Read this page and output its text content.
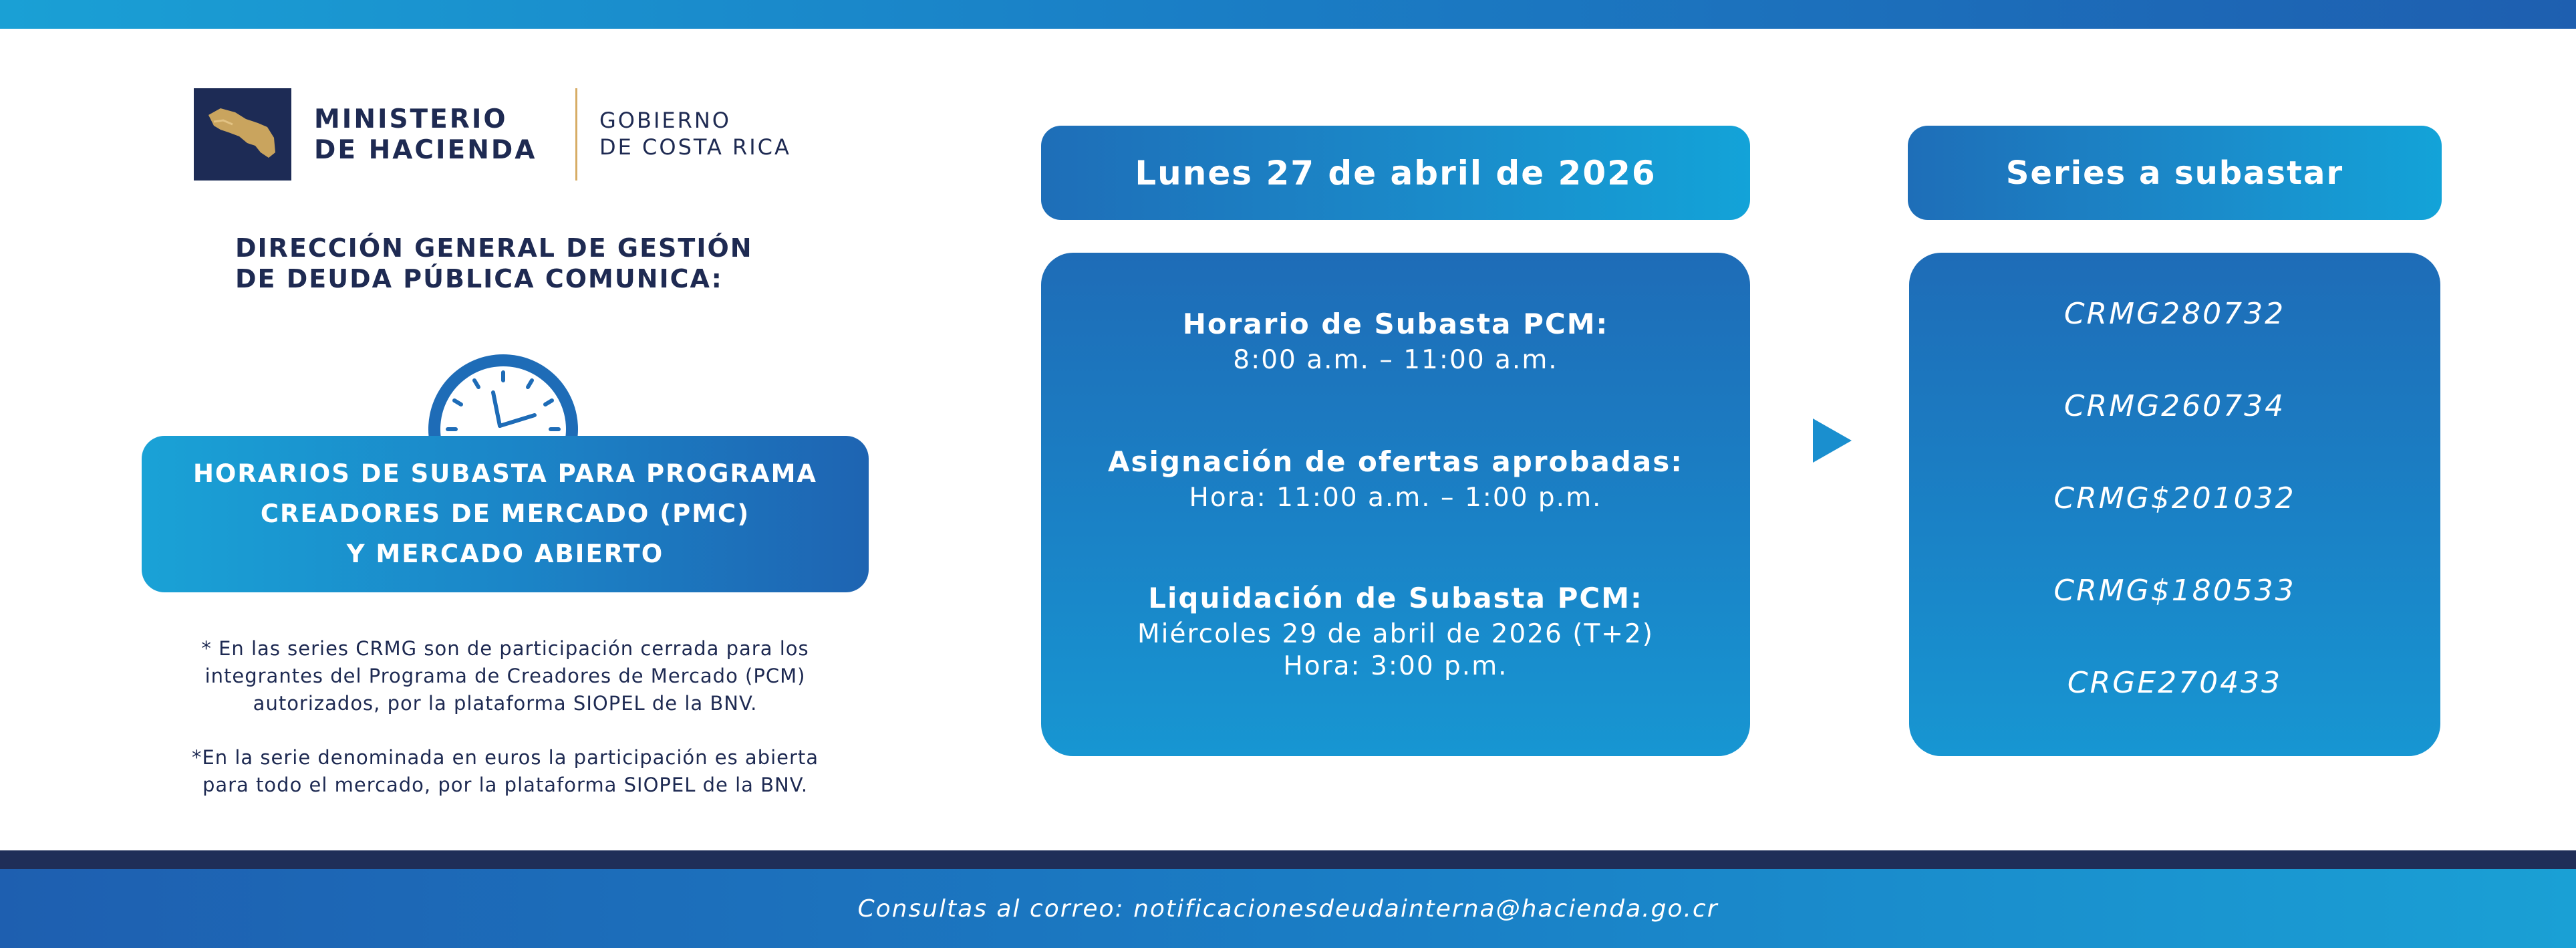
MINISTERIO
DE HACIENDA
GOBIERNO
DE COSTA RICA
DIRECCIÓN GENERAL DE GESTIÓN
DE DEUDA PÚBLICA COMUNICA:
HORARIOS DE SUBASTA PARA PROGRAMA
CREADORES DE MERCADO (PMC)
Y MERCADO ABIERTO

* En las series CRMG son de participación cerrada para los
integrantes del Programa de Creadores de Mercado (PCM)
autorizados, por la plataforma SIOPEL de la BNV.

*En la serie denominada en euros la participación es abierta
para todo el mercado, por la plataforma SIOPEL de la BNV.

Lunes 27 de abril de 2026
Horario de Subasta PCM:
8:00 a.m. – 11:00 a.m.
Asignación de ofertas aprobadas:
Hora: 11:00 a.m. – 1:00 p.m.
Liquidación de Subasta PCM:
Miércoles 29 de abril de 2026 (T+2)
Hora: 3:00 p.m.
Series a subastar
CRMG280732
CRMG260734
CRMG$201032
CRMG$180533
CRGE270433
Consultas al correo: notificacionesdeudainterna@hacienda.go.cr
